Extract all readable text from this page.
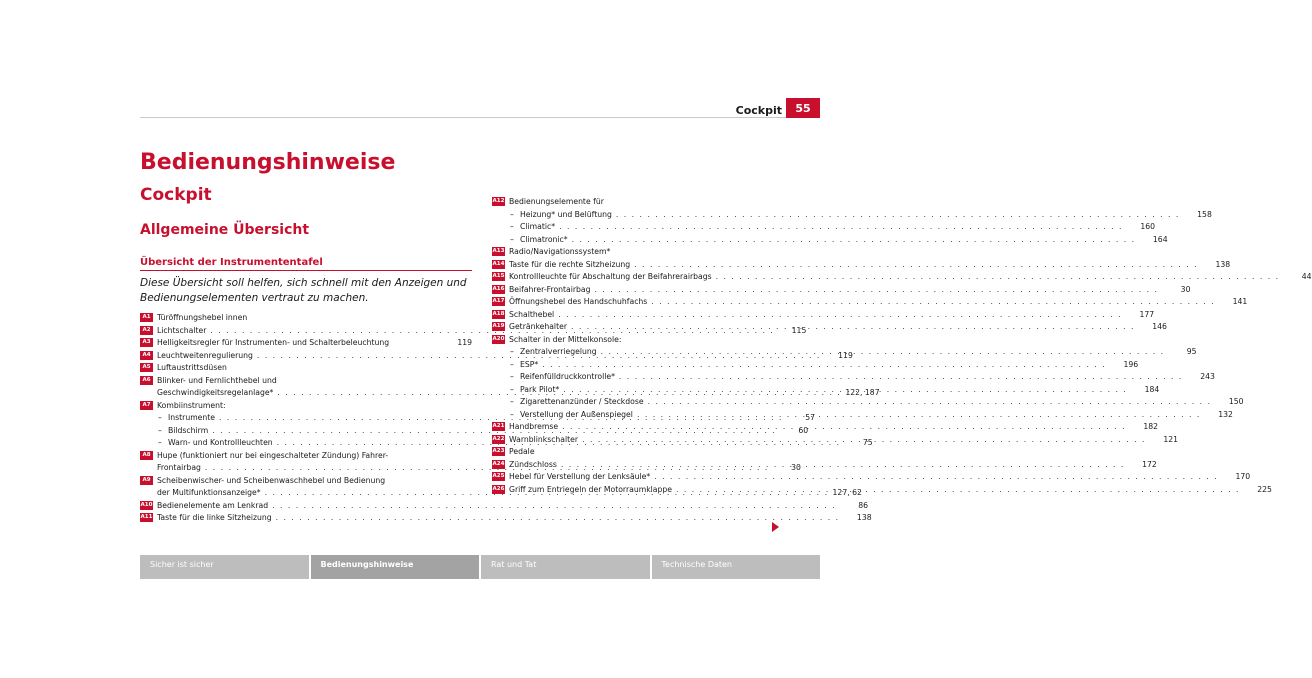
Cockpit	55
Bedienungshinweise
Cockpit
Allgemeine Übersicht
Übersicht der Instrumententafel
Diese Übersicht soll helfen, sich schnell mit den Anzeigen und Bedienungselementen vertraut zu machen.
A1 Türöffnungshebel innen
A2 Lichtschalter . . .	115
A3 Helligkeitsregler für Instrumenten- und Schalterbeleuchtung	119
A4 Leuchtweitenregulierung . . .	119
A5 Luftaustrittsdüsen
A6 Blinker- und Fernlichthebel und
Geschwindigkeitsregelanlage* . . .	122, 187
A7 Kombiinstrument:
– Instrumente . . .	57
– Bildschirm . . .	60
– Warn- und Kontrollleuchten . . .	75
A8 Hupe (funktioniert nur bei eingeschalteter Zündung) Fahrer-
Frontairbag . . .	30
A9 Scheibenwischer- und Scheibenwaschhebel und Bedienung
der Multifunktionsanzeige* . . .	127, 62
A10 Bedienelemente am Lenkrad . . .	86
A11 Taste für die linke Sitzheizung . . .	138
A12 Bedienungselemente für
– Heizung* und Belüftung . . .	158
– Climatic* . . .	160
– Climatronic* . . .	164
A13 Radio/Navigationssystem*
A14 Taste für die rechte Sitzheizung . . .	138
A15 Kontrollleuchte für Abschaltung der Beifahrerairbags . . .	44
A16 Beifahrer-Frontairbag . . .	30
A17 Öffnungshebel des Handschuhfachs . . .	141
A18 Schalthebel . . .	177
A19 Getränkehalter . . .	146
A20 Schalter in der Mittelkonsole:
– Zentralverriegelung . . .	95
– ESP* . . .	196
– Reifenfülldruckkontrolle* . . .	243
– Park Pilot* . . .	184
– Zigarettenanzünder / Steckdose . . .	150
– Verstellung der Außenspiegel . . .	132
A21 Handbremse . . .	182
A22 Warnblinkschalter . . .	121
A23 Pedale
A24 Zündschloss . . .	172
A25 Hebel für Verstellung der Lenksäule* . . .	170
A26 Griff zum Entriegeln der Motorraumklappe . . .	225
Sicher ist sicher	Bedienungshinweise	Rat und Tat	Technische Daten
